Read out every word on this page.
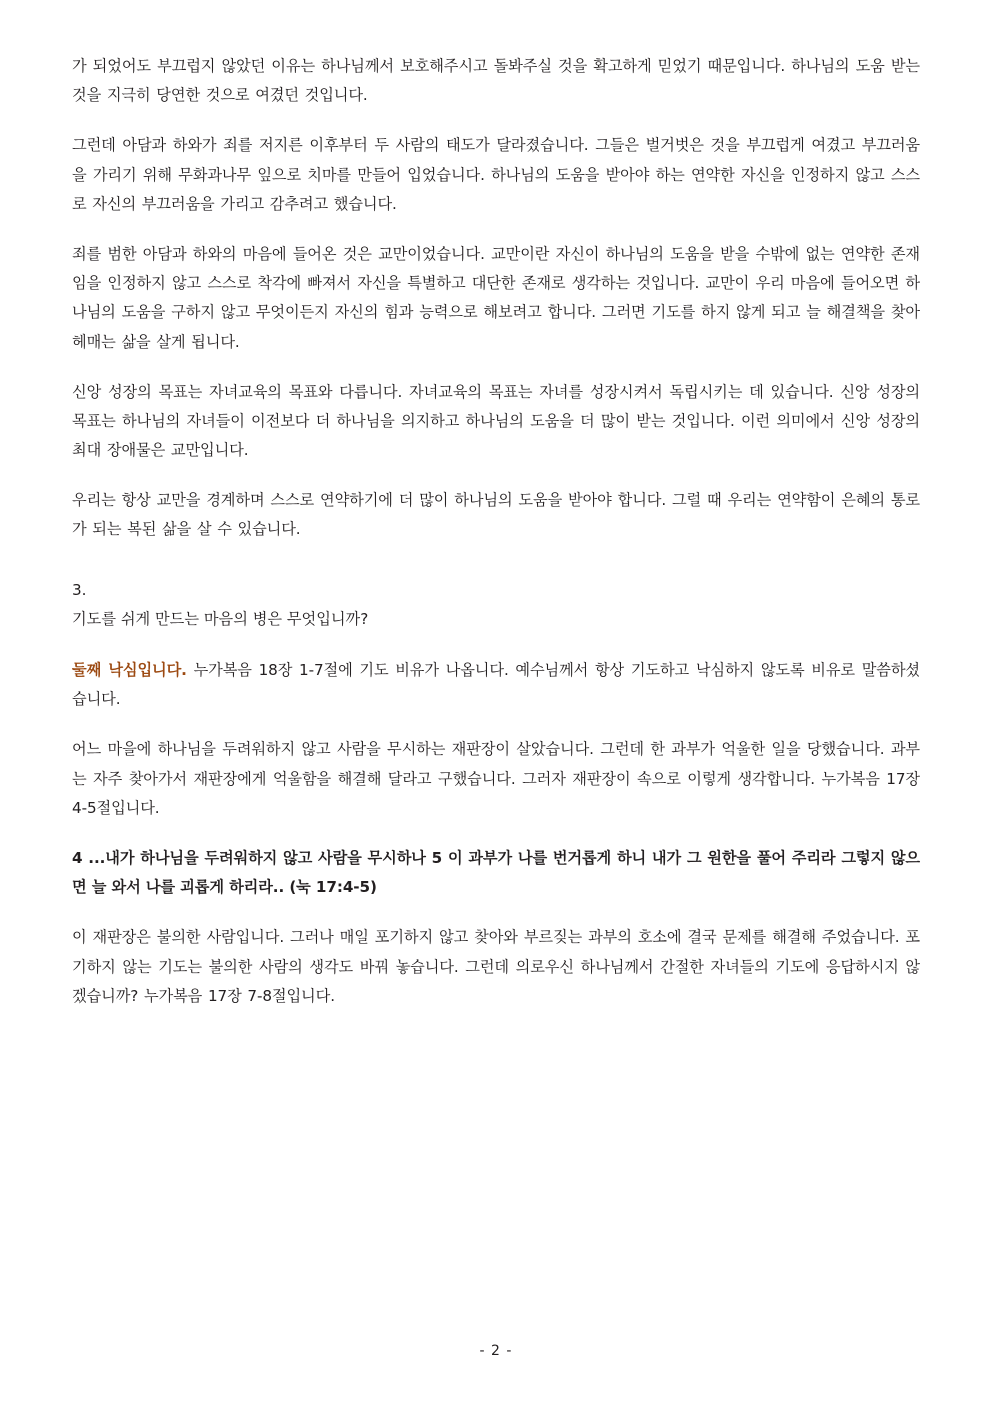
가 되었어도 부끄럽지 않았던 이유는 하나님께서 보호해주시고 돌봐주실 것을 확고하게 믿었기 때문입니다. 하나님의 도움 받는 것을 지극히 당연한 것으로 여겼던 것입니다.

그런데 아담과 하와가 죄를 저지른 이후부터 두 사람의 태도가 달라졌습니다. 그들은 벌거벗은 것을 부끄럽게 여겼고 부끄러움을 가리기 위해 무화과나무 잎으로 치마를 만들어 입었습니다. 하나님의 도움을 받아야 하는 연약한 자신을 인정하지 않고 스스로 자신의 부끄러움을 가리고 감추려고 했습니다.

죄를 범한 아담과 하와의 마음에 들어온 것은 교만이었습니다. 교만이란 자신이 하나님의 도움을 받을 수밖에 없는 연약한 존재임을 인정하지 않고 스스로 착각에 빠져서 자신을 특별하고 대단한 존재로 생각하는 것입니다. 교만이 우리 마음에 들어오면 하나님의 도움을 구하지 않고 무엇이든지 자신의 힘과 능력으로 해보려고 합니다. 그러면 기도를 하지 않게 되고 늘 해결책을 찾아 헤매는 삶을 살게 됩니다.

신앙 성장의 목표는 자녀교육의 목표와 다릅니다. 자녀교육의 목표는 자녀를 성장시켜서 독립시키는 데 있습니다. 신앙 성장의 목표는 하나님의 자녀들이 이전보다 더 하나님을 의지하고 하나님의 도움을 더 많이 받는 것입니다. 이런 의미에서 신앙 성장의 최대 장애물은 교만입니다.

우리는 항상 교만을 경계하며 스스로 연약하기에 더 많이 하나님의 도움을 받아야 합니다. 그럴 때 우리는 연약함이 은혜의 통로가 되는 복된 삶을 살 수 있습니다.

3.

기도를 쉬게 만드는 마음의 병은 무엇입니까?

둘째 낙심입니다. 누가복음 18장 1-7절에 기도 비유가 나옵니다. 예수님께서 항상 기도하고 낙심하지 않도록 비유로 말씀하셨습니다.

어느 마을에 하나님을 두려워하지 않고 사람을 무시하는 재판장이 살았습니다. 그런데 한 과부가 억울한 일을 당했습니다. 과부는 자주 찾아가서 재판장에게 억울함을 해결해 달라고 구했습니다. 그러자 재판장이 속으로 이렇게 생각합니다. 누가복음 17장 4-5절입니다.

4 ...내가 하나님을 두려워하지 않고 사람을 무시하나 5 이 과부가 나를 번거롭게 하니 내가 그 원한을 풀어 주리라 그렇지 않으면 늘 와서 나를 괴롭게 하리라.. (눅 17:4-5)

이 재판장은 불의한 사람입니다. 그러나 매일 포기하지 않고 찾아와 부르짖는 과부의 호소에 결국 문제를 해결해 주었습니다. 포기하지 않는 기도는 불의한 사람의 생각도 바꿔 놓습니다. 그런데 의로우신 하나님께서 간절한 자녀들의 기도에 응답하시지 않겠습니까? 누가복음 17장 7-8절입니다.

- 2 -
